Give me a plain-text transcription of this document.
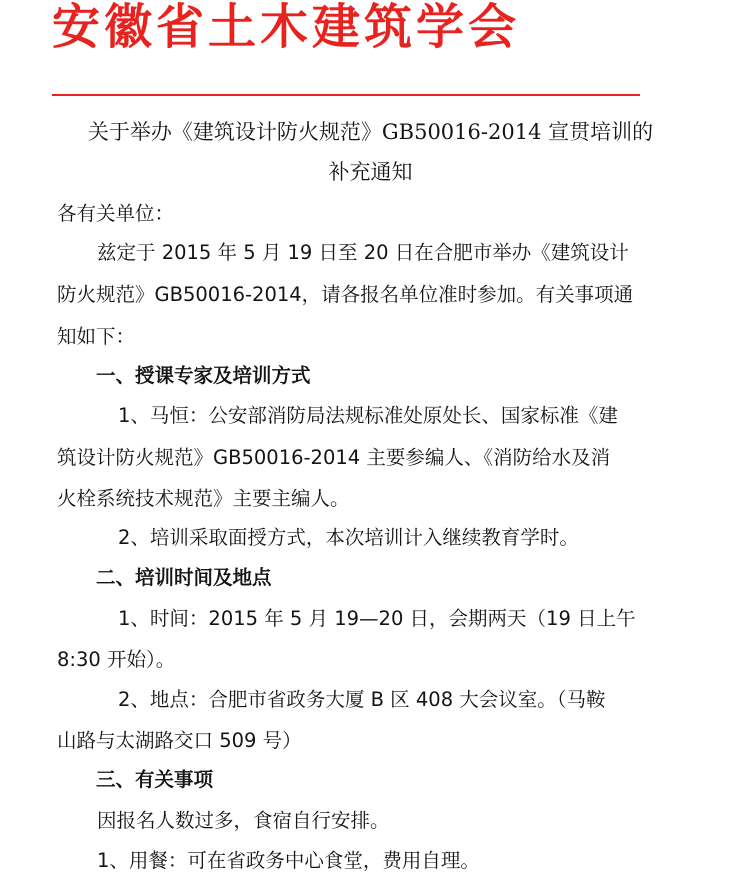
安徽省土木建筑学会
关于举办《建筑设计防火规范》GB50016-2014 宣贯培训的
补充通知
各有关单位：
兹定于 2015 年 5 月 19 日至 20 日在合肥市举办《建筑设计
防火规范》GB50016-2014，请各报名单位准时参加。有关事项通
知如下：
一、授课专家及培训方式
1、马恒：公安部消防局法规标准处原处长、国家标准《建
筑设计防火规范》GB50016-2014 主要参编人、《消防给水及消
火栓系统技术规范》主要主编人。
2、培训采取面授方式，本次培训计入继续教育学时。
二、培训时间及地点
1、时间：2015 年 5 月 19—20 日，会期两天（19 日上午
8:30 开始）。
2、地点：合肥市省政务大厦 B 区 408 大会议室。（马鞍
山路与太湖路交口 509 号）
三、有关事项
因报名人数过多，食宿自行安排。
1、用餐：可在省政务中心食堂，费用自理。
